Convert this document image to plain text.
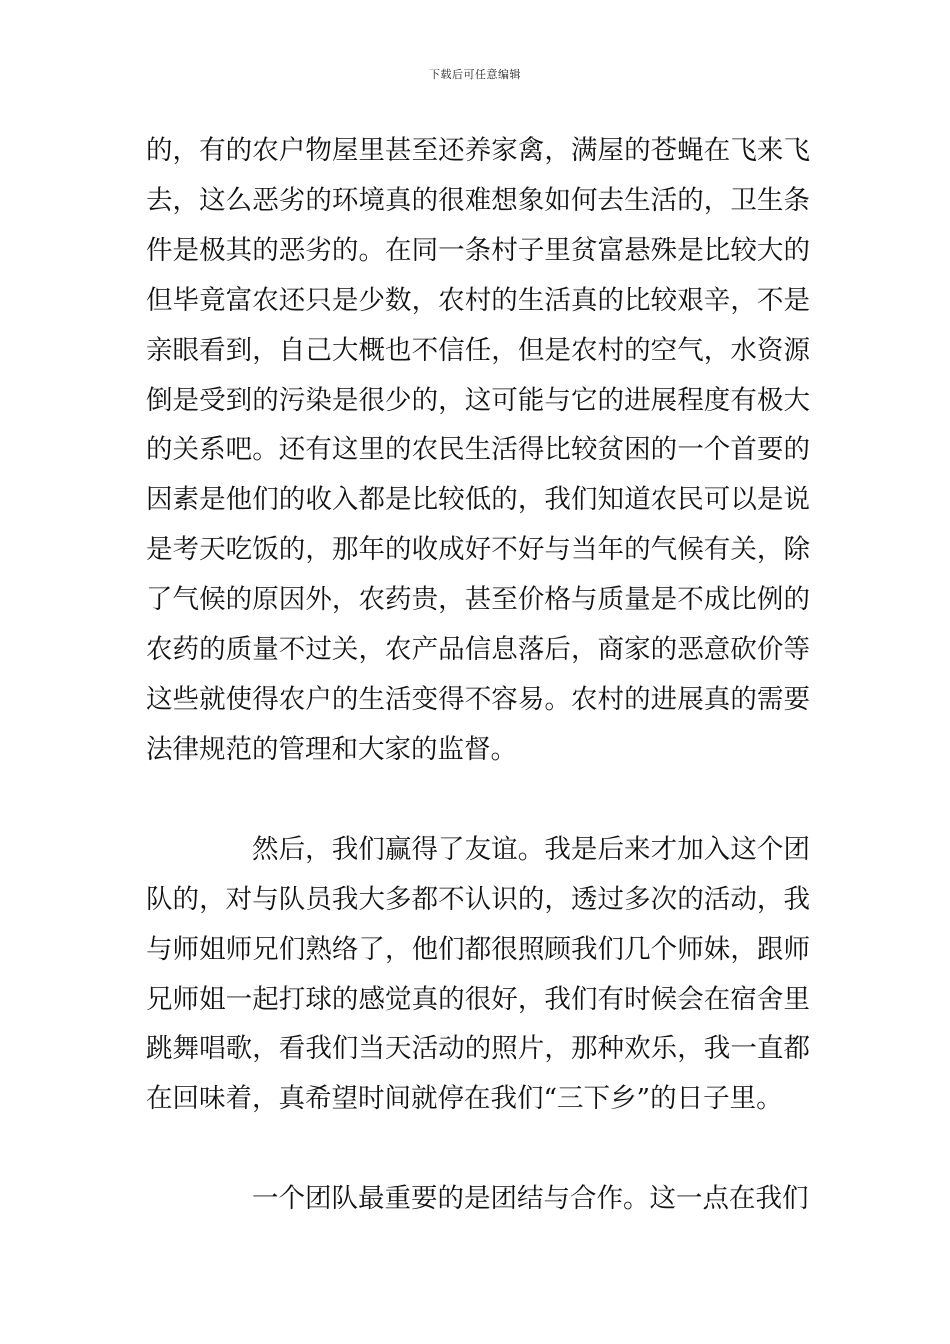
下载后可任意编辑

的，有的农户物屋里甚至还养家禽，满屋的苍蝇在飞来飞去，这么恶劣的环境真的很难想象如何去生活的，卫生条件是极其的恶劣的。在同一条村子里贫富悬殊是比较大的但毕竟富农还只是少数，农村的生活真的比较艰辛，不是亲眼看到，自己大概也不信任，但是农村的空气，水资源倒是受到的污染是很少的，这可能与它的进展程度有极大的关系吧。还有这里的农民生活得比较贫困的一个首要的因素是他们的收入都是比较低的，我们知道农民可以是说是考天吃饭的，那年的收成好不好与当年的气候有关，除了气候的原因外，农药贵，甚至价格与质量是不成比例的农药的质量不过关，农产品信息落后，商家的恶意砍价等这些就使得农户的生活变得不容易。农村的进展真的需要法律规范的管理和大家的监督。

然后，我们赢得了友谊。我是后来才加入这个团队的，对与队员我大多都不认识的，透过多次的活动，我与师姐师兄们熟络了，他们都很照顾我们几个师妹，跟师兄师姐一起打球的感觉真的很好，我们有时候会在宿舍里跳舞唱歌，看我们当天活动的照片，那种欢乐，我一直都在回味着，真希望时间就停在我们“三下乡”的日子里。

一个团队最重要的是团结与合作。这一点在我们
